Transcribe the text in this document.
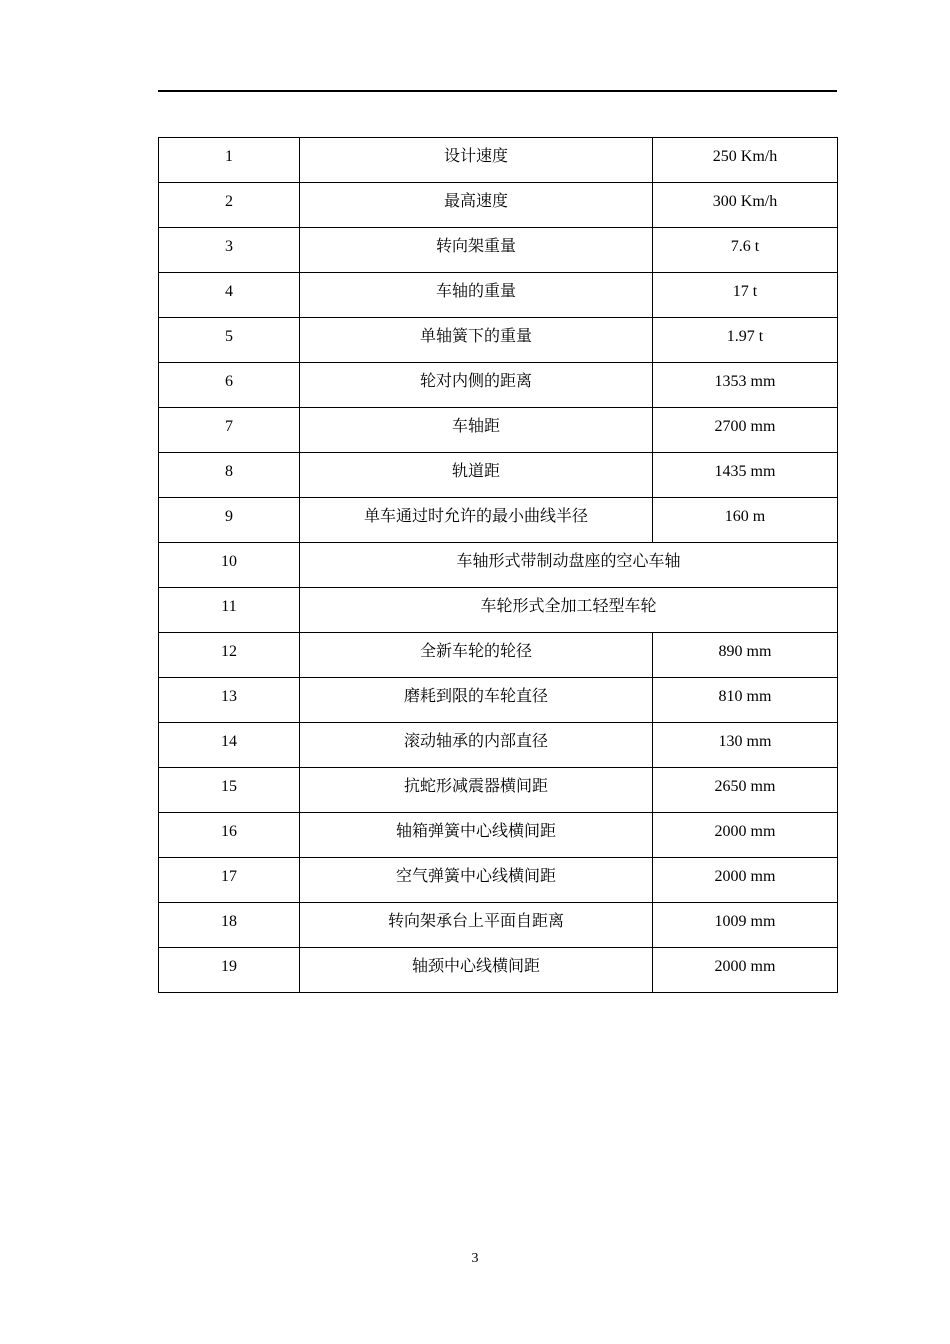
1	设计速度	250 Km/h
2	最高速度	300 Km/h
3	转向架重量	7.6 t
4	车轴的重量	17 t
5	单轴簧下的重量	1.97 t
6	轮对内侧的距离	1353 mm
7	车轴距	2700 mm
8	轨道距	1435 mm
9	单车通过时允许的最小曲线半径	160 m
10	车轴形式带制动盘座的空心车轴	
11	车轮形式全加工轻型车轮	
12	全新车轮的轮径	890 mm
13	磨耗到限的车轮直径	810 mm
14	滚动轴承的内部直径	130 mm
15	抗蛇形减震器横间距	2650 mm
16	轴箱弹簧中心线横间距	2000 mm
17	空气弹簧中心线横间距	2000 mm
18	转向架承台上平面自距离	1009 mm
19	轴颈中心线横间距	2000 mm
3
